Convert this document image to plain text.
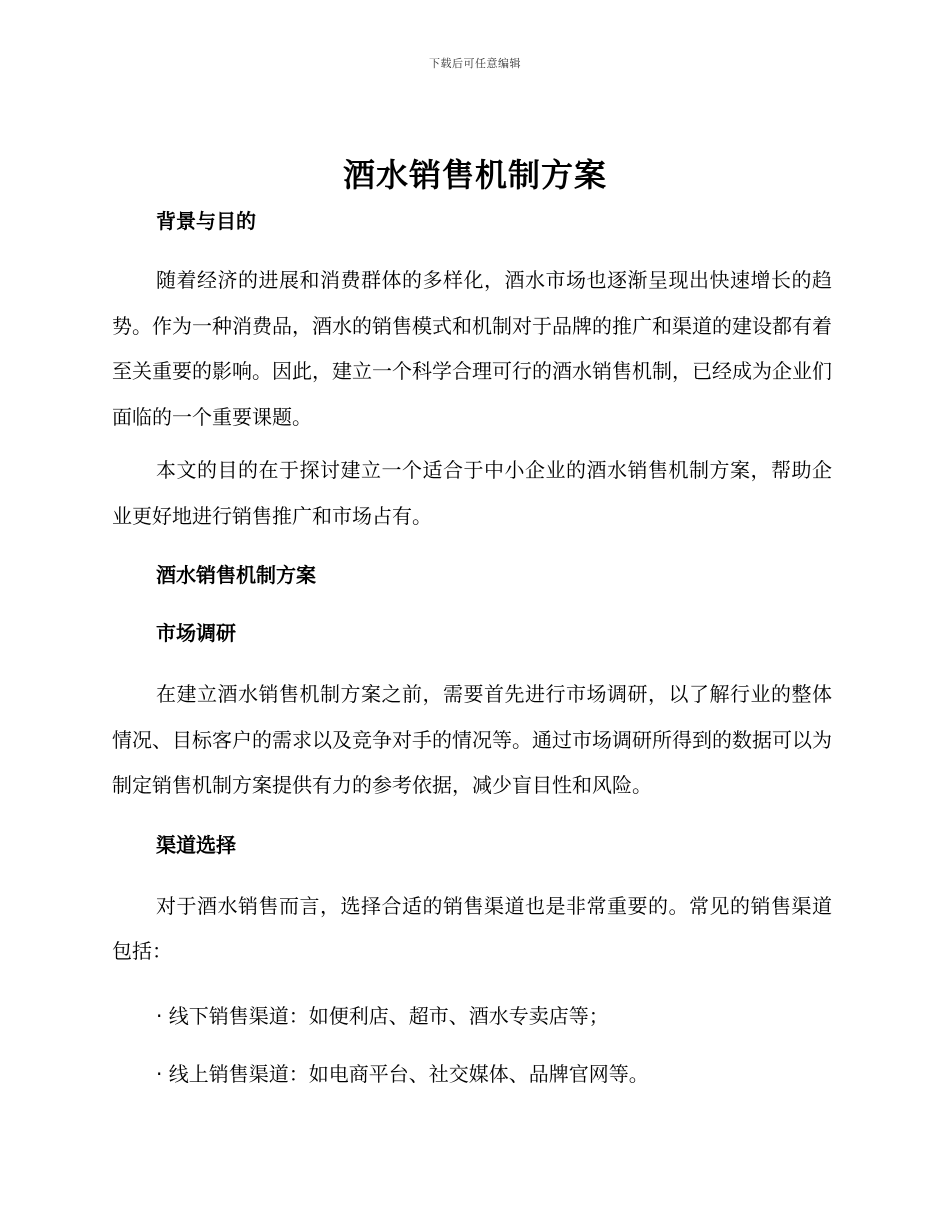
下载后可任意编辑
酒水销售机制方案

背景与目的

随着经济的进展和消费群体的多样化，酒水市场也逐渐呈现出快速增长的趋势。作为一种消费品，酒水的销售模式和机制对于品牌的推广和渠道的建设都有着至关重要的影响。因此，建立一个科学合理可行的酒水销售机制，已经成为企业们面临的一个重要课题。

本文的目的在于探讨建立一个适合于中小企业的酒水销售机制方案，帮助企业更好地进行销售推广和市场占有。

酒水销售机制方案

市场调研

在建立酒水销售机制方案之前，需要首先进行市场调研，以了解行业的整体情况、目标客户的需求以及竞争对手的情况等。通过市场调研所得到的数据可以为制定销售机制方案提供有力的参考依据，减少盲目性和风险。

渠道选择

对于酒水销售而言，选择合适的销售渠道也是非常重要的。常见的销售渠道包括：

· 线下销售渠道：如便利店、超市、酒水专卖店等；

· 线上销售渠道：如电商平台、社交媒体、品牌官网等。
